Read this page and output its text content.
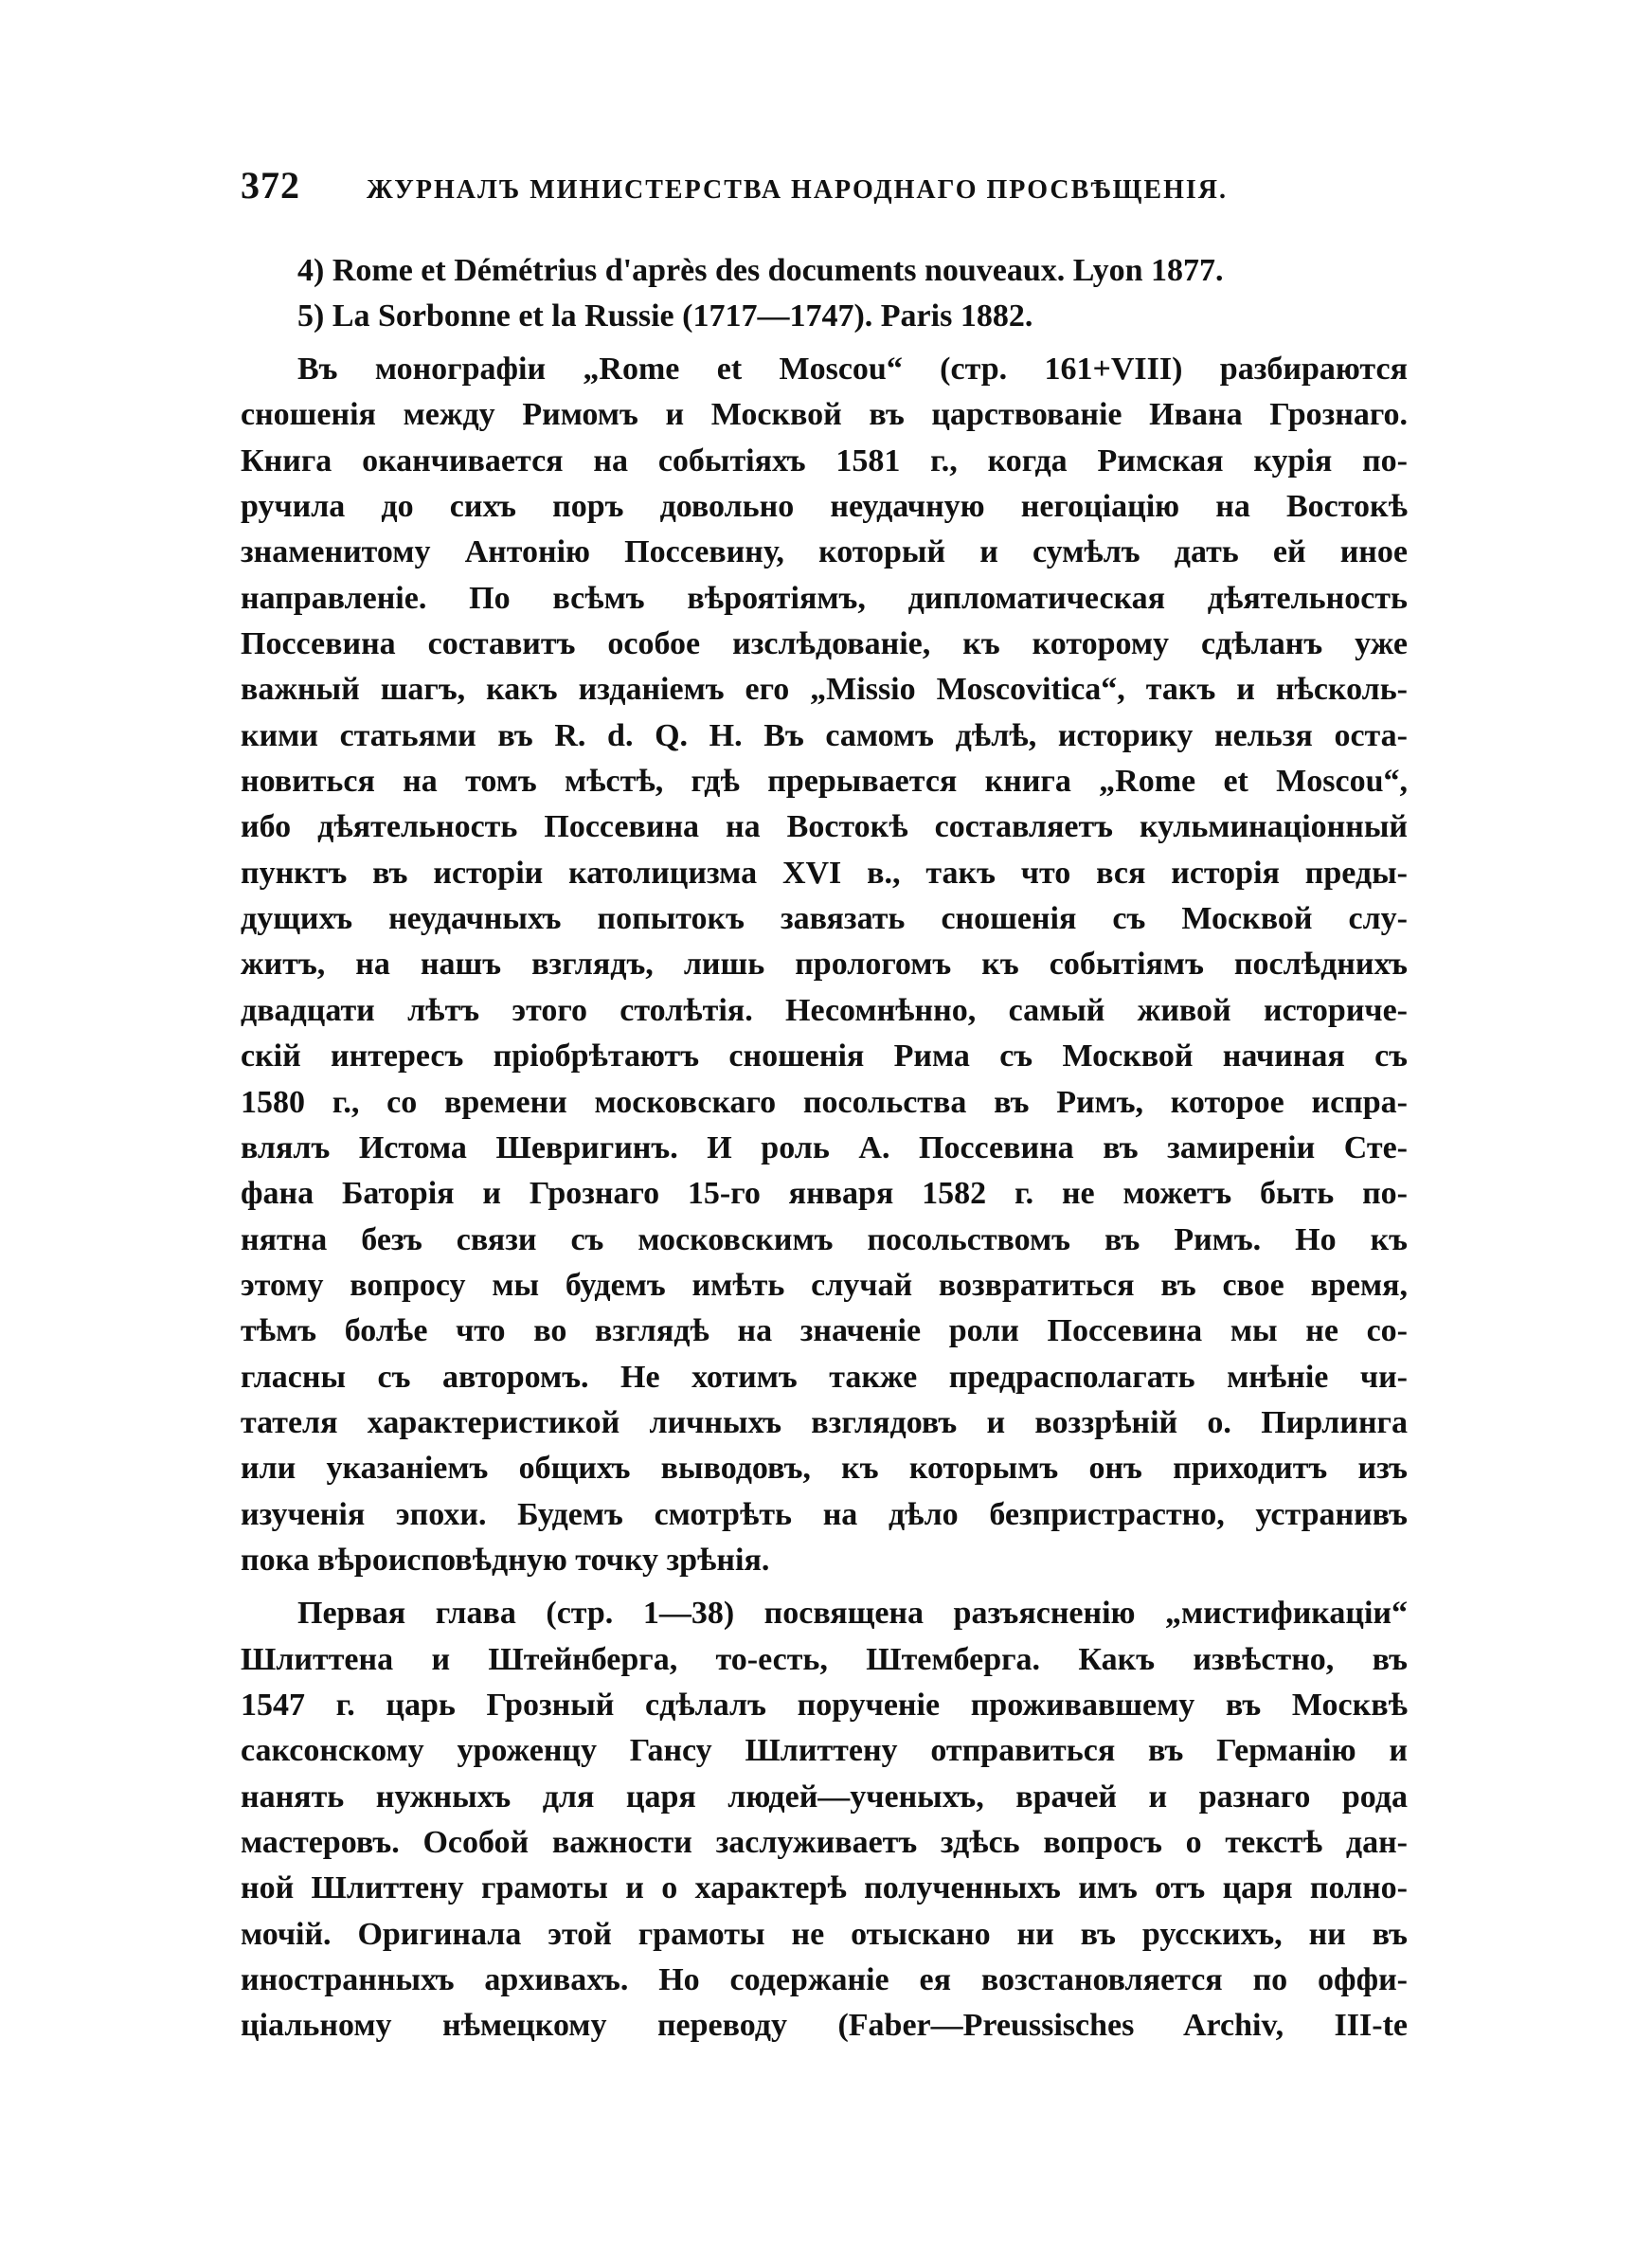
372	ЖУРНАЛЪ МИНИСТЕРСТВА НАРОДНАГО ПРОСВѢЩЕНІЯ.
4) Rome et Démétrius d'après des documents nouveaux. Lyon 1877.
5) La Sorbonne et la Russie (1717—1747). Paris 1882.
Въ монографіи „Rome et Moscou“ (стр. 161+VIII) разбираются
сношенія между Римомъ и Москвой въ царствованіе Ивана Грознаго.
Книга оканчивается на событіяхъ 1581 г., когда Римская курія по-
ручила до сихъ поръ довольно неудачную негоціацію на Востокѣ
знаменитому Антонію Поссевину, который и сумѣлъ дать ей иное
направленіе. По всѣмъ вѣроятіямъ, дипломатическая дѣятельность
Поссевина составитъ особое изслѣдованіе, къ которому сдѣланъ уже
важный шагъ, какъ изданіемъ его „Missio Moscovitica“, такъ и нѣсколь-
кими статьями въ R. d. Q. H. Въ самомъ дѣлѣ, историку нельзя оста-
новиться на томъ мѣстѣ, гдѣ прерывается книга „Rome et Moscou“,
ибо дѣятельность Поссевина на Востокѣ составляетъ кульминаціонный
пунктъ въ исторіи католицизма XVI в., такъ что вся исторія преды-
дущихъ неудачныхъ попытокъ завязать сношенія съ Москвой слу-
житъ, на нашъ взглядъ, лишь прологомъ къ событіямъ послѣднихъ
двадцати лѣтъ этого столѣтія. Несомнѣнно, самый живой историче-
скій интересъ пріобрѣтаютъ сношенія Рима съ Москвой начиная съ
1580 г., со времени московскаго посольства въ Римъ, которое испра-
влялъ Истома Шевригинъ. И роль А. Поссевина въ замиреніи Сте-
фана Баторія и Грознаго 15-го января 1582 г. не можетъ быть по-
нятна безъ связи съ московскимъ посольствомъ въ Римъ. Но къ
этому вопросу мы будемъ имѣть случай возвратиться въ свое время,
тѣмъ болѣе что во взглядѣ на значеніе роли Поссевина мы не со-
гласны съ авторомъ. Не хотимъ также предрасполагать мнѣніе чи-
тателя характеристикой личныхъ взглядовъ и воззрѣній о. Пирлинга
или указаніемъ общихъ выводовъ, къ которымъ онъ приходитъ изъ
изученія эпохи. Будемъ смотрѣть на дѣло безпристрастно, устранивъ
пока вѣроисповѣдную точку зрѣнія.
Первая глава (стр. 1—38) посвящена разъясненію „мистификаціи“
Шлиттена и Штейнберга, то-есть, Штемберга. Какъ извѣстно, въ
1547 г. царь Грозный сдѣлалъ порученіе проживавшему въ Москвѣ
саксонскому уроженцу Гансу Шлиттену отправиться въ Германію и
нанять нужныхъ для царя людей—ученыхъ, врачей и разнаго рода
мастеровъ. Особой важности заслуживаетъ здѣсь вопросъ о текстѣ дан-
ной Шлиттену грамоты и о характерѣ полученныхъ имъ отъ царя полно-
мочій. Оригинала этой грамоты не отыскано ни въ русскихъ, ни въ
иностранныхъ архивахъ. Но содержаніе ея возстановляется по оффи-
ціальному нѣмецкому переводу (Faber—Preussisches Archiv, III-te
